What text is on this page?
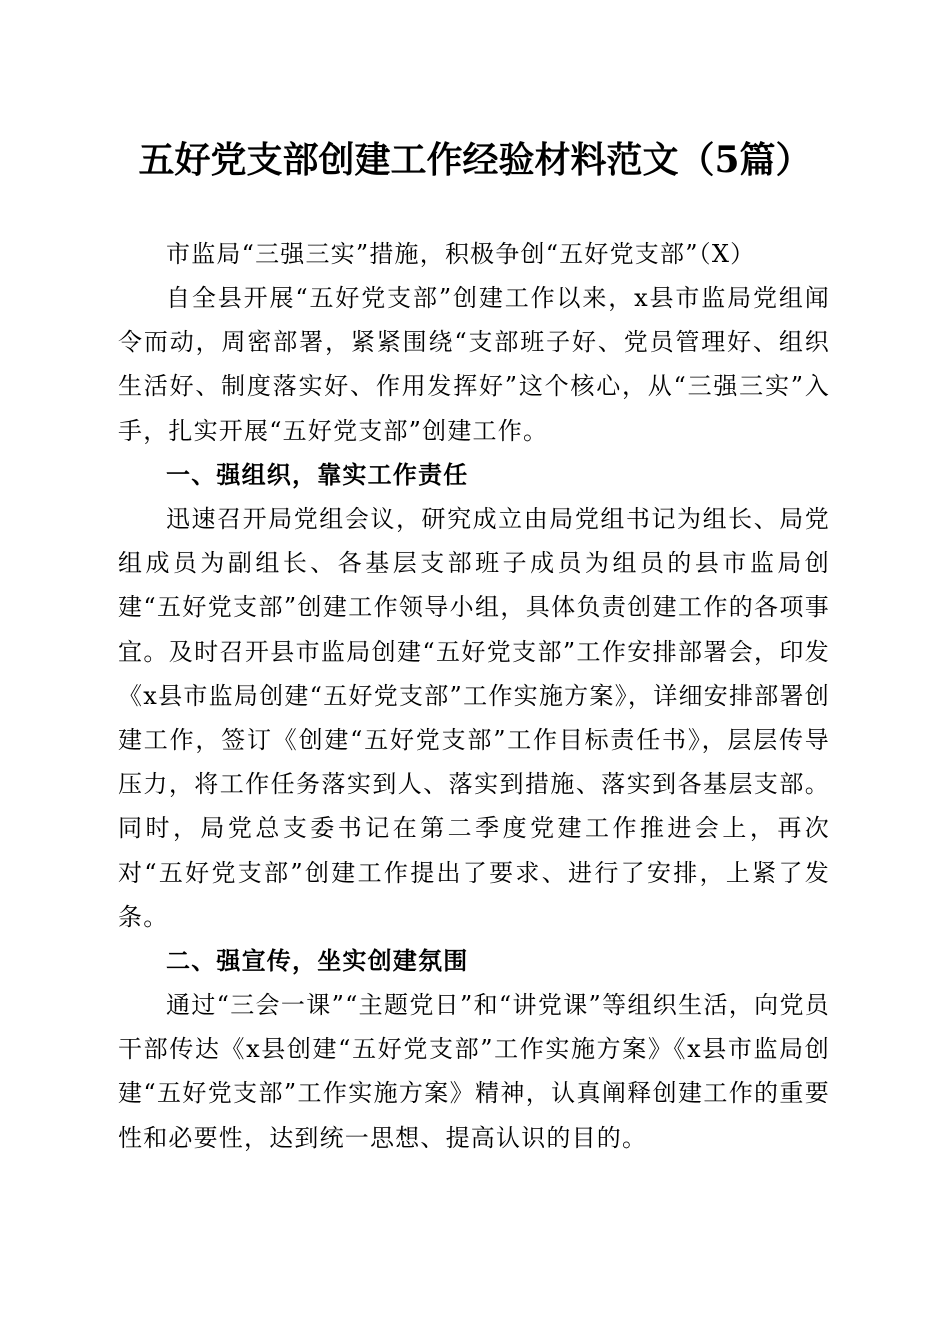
五好党支部创建工作经验材料范文（5篇）

市监局“三强三实”措施，积极争创“五好党支部”（X）

自全县开展“五好党支部”创建工作以来，x县市监局党组闻令而动，周密部署，紧紧围绕“支部班子好、党员管理好、组织生活好、制度落实好、作用发挥好”这个核心，从“三强三实”入手，扎实开展“五好党支部”创建工作。

一、强组织，靠实工作责任

迅速召开局党组会议，研究成立由局党组书记为组长、局党组成员为副组长、各基层支部班子成员为组员的县市监局创建“五好党支部”创建工作领导小组，具体负责创建工作的各项事宜。及时召开县市监局创建“五好党支部”工作安排部署会，印发《x县市监局创建“五好党支部”工作实施方案》，详细安排部署创建工作，签订《创建“五好党支部”工作目标责任书》，层层传导压力，将工作任务落实到人、落实到措施、落实到各基层支部。同时，局党总支委书记在第二季度党建工作推进会上，再次对“五好党支部”创建工作提出了要求、进行了安排，上紧了发条。

二、强宣传，坐实创建氛围

通过“三会一课”“主题党日”和“讲党课”等组织生活，向党员干部传达《x县创建“五好党支部”工作实施方案》《x县市监局创建“五好党支部”工作实施方案》精神，认真阐释创建工作的重要性和必要性，达到统一思想、提高认识的目的。
